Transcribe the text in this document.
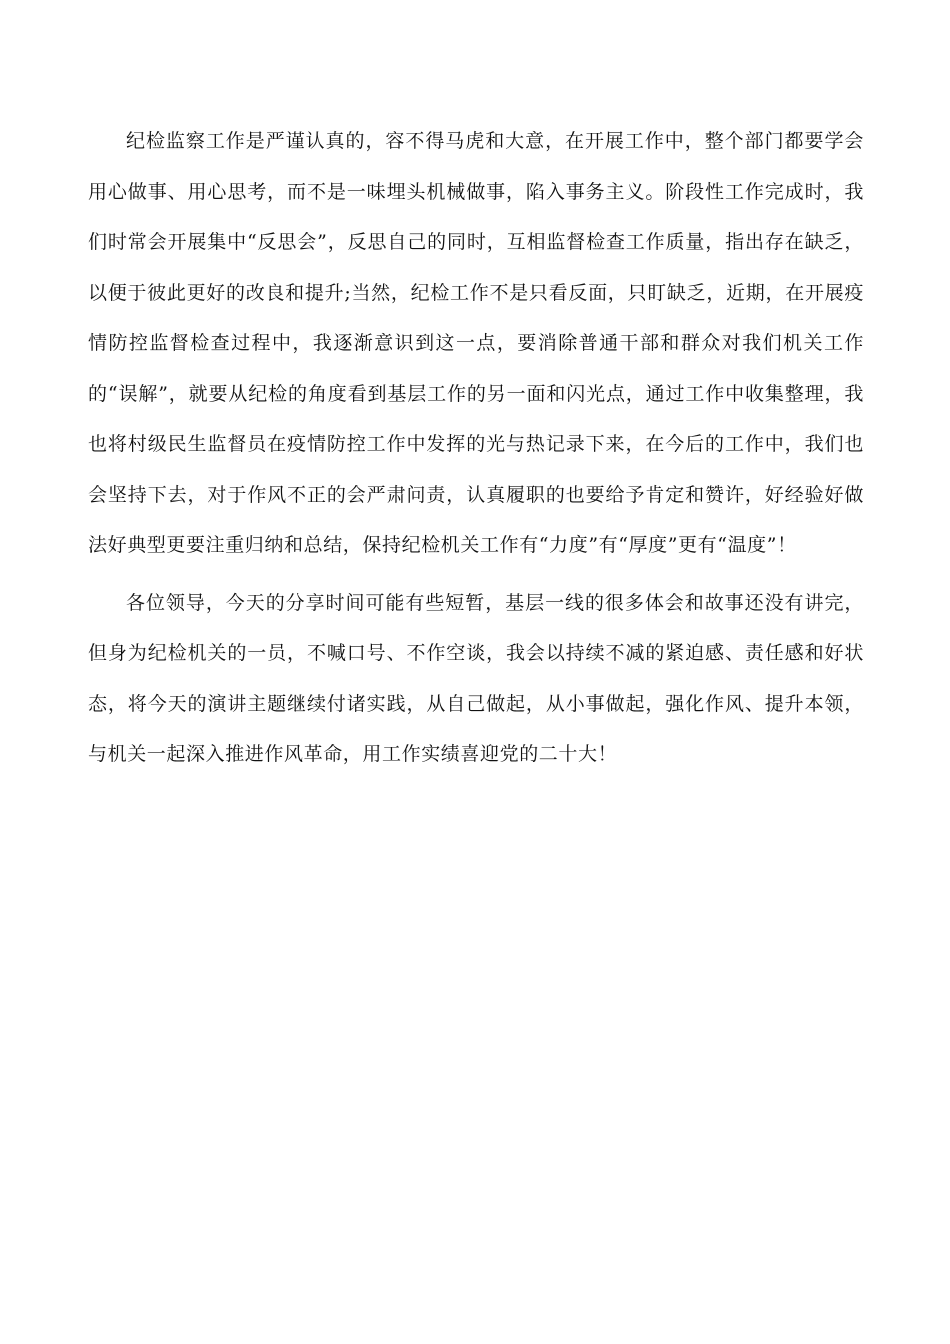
纪检监察工作是严谨认真的，容不得马虎和大意，在开展工作中，整个部门都要学会用心做事、用心思考，而不是一味埋头机械做事，陷入事务主义。阶段性工作完成时，我们时常会开展集中“反思会”，反思自己的同时，互相监督检查工作质量，指出存在缺乏，以便于彼此更好的改良和提升;当然，纪检工作不是只看反面，只盯缺乏，近期，在开展疫情防控监督检查过程中，我逐渐意识到这一点，要消除普通干部和群众对我们机关工作的“误解”，就要从纪检的角度看到基层工作的另一面和闪光点，通过工作中收集整理，我也将村级民生监督员在疫情防控工作中发挥的光与热记录下来，在今后的工作中，我们也会坚持下去，对于作风不正的会严肃问责，认真履职的也要给予肯定和赞许，好经验好做法好典型更要注重归纳和总结，保持纪检机关工作有“力度”有“厚度”更有“温度”！

各位领导，今天的分享时间可能有些短暂，基层一线的很多体会和故事还没有讲完，但身为纪检机关的一员，不喊口号、不作空谈，我会以持续不减的紧迫感、责任感和好状态，将今天的演讲主题继续付诸实践，从自己做起，从小事做起，强化作风、提升本领，与机关一起深入推进作风革命，用工作实绩喜迎党的二十大！
